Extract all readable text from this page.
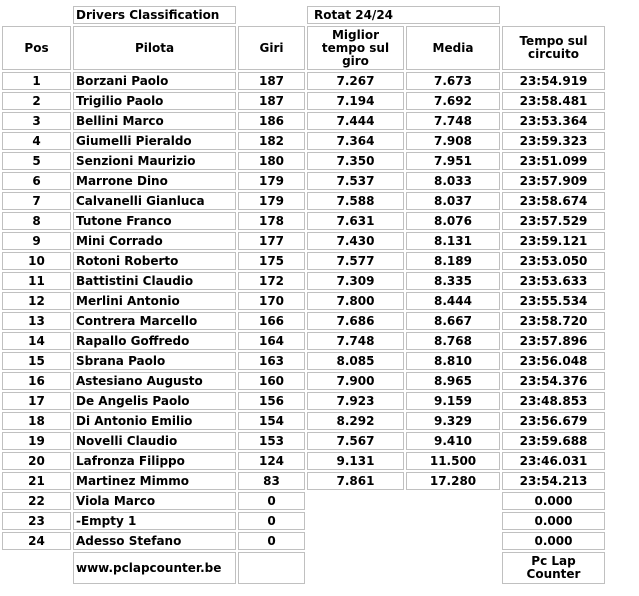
	Drivers Classification		Rotat 24/24		
Pos	Pilota	Giri	Miglior tempo sul giro	Media	Tempo sul circuito
1	Borzani Paolo	187	7.267	7.673	23:54.919
2	Trigilio Paolo	187	7.194	7.692	23:58.481
3	Bellini Marco	186	7.444	7.748	23:53.364
4	Giumelli Pieraldo	182	7.364	7.908	23:59.323
5	Senzioni Maurizio	180	7.350	7.951	23:51.099
6	Marrone Dino	179	7.537	8.033	23:57.909
7	Calvanelli Gianluca	179	7.588	8.037	23:58.674
8	Tutone Franco	178	7.631	8.076	23:57.529
9	Mini Corrado	177	7.430	8.131	23:59.121
10	Rotoni Roberto	175	7.577	8.189	23:53.050
11	Battistini Claudio	172	7.309	8.335	23:53.633
12	Merlini Antonio	170	7.800	8.444	23:55.534
13	Contrera Marcello	166	7.686	8.667	23:58.720
14	Rapallo Goffredo	164	7.748	8.768	23:57.896
15	Sbrana Paolo	163	8.085	8.810	23:56.048
16	Astesiano Augusto	160	7.900	8.965	23:54.376
17	De Angelis Paolo	156	7.923	9.159	23:48.853
18	Di Antonio Emilio	154	8.292	9.329	23:56.679
19	Novelli Claudio	153	7.567	9.410	23:59.688
20	Lafronza Filippo	124	9.131	11.500	23:46.031
21	Martinez Mimmo	83	7.861	17.280	23:54.213
22	Viola Marco	0			0.000
23	-Empty 1	0			0.000
24	Adesso Stefano	0			0.000
	www.pclapcounter.be				Pc Lap Counter
